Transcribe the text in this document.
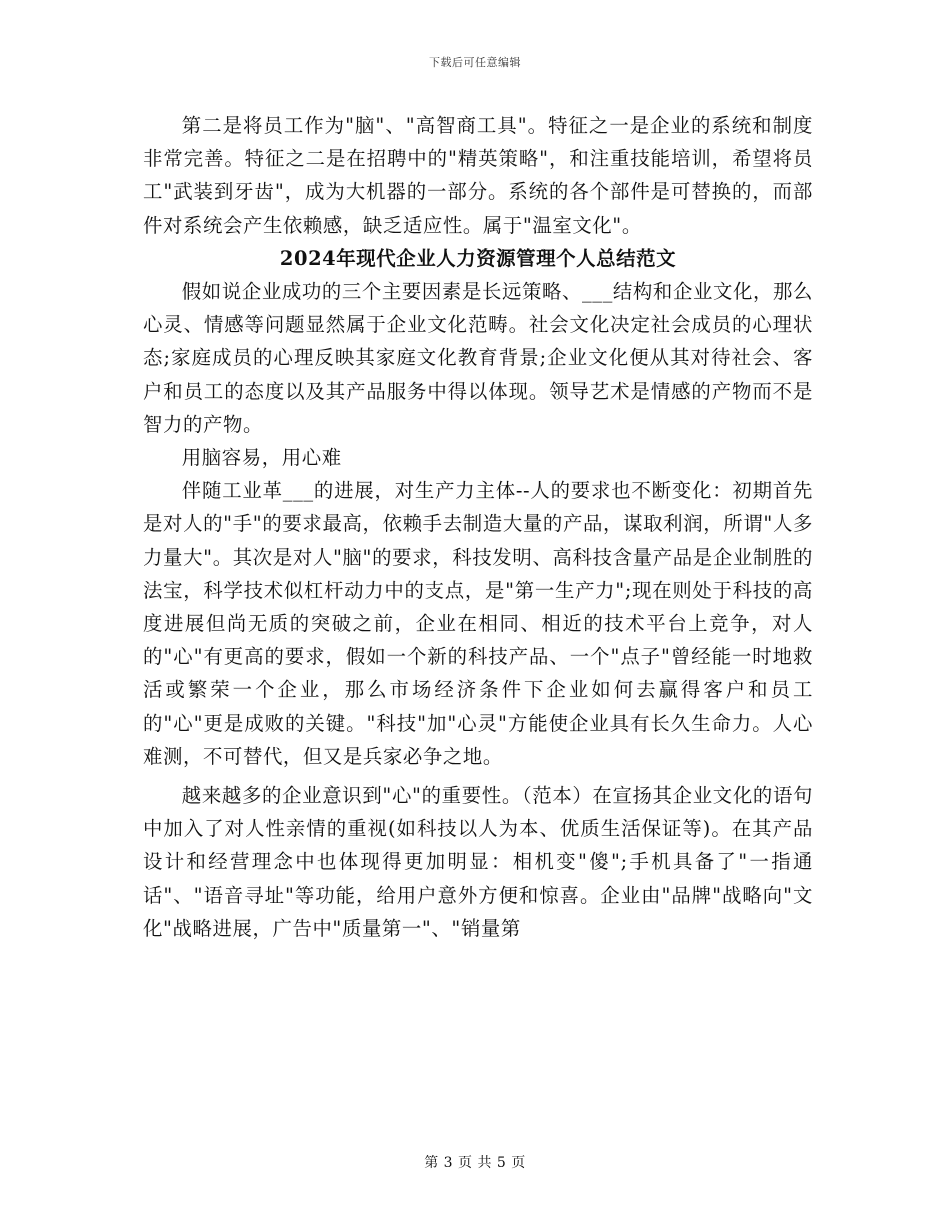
下载后可任意编辑

第二是将员工作为"脑"、"高智商工具"。特征之一是企业的系统和制度非常完善。特征之二是在招聘中的"精英策略"，和注重技能培训，希望将员工"武装到牙齿"，成为大机器的一部分。系统的各个部件是可替换的，而部件对系统会产生依赖感，缺乏适应性。属于"温室文化"。

2024年现代企业人力资源管理个人总结范文

假如说企业成功的三个主要因素是长远策略、___结构和企业文化，那么心灵、情感等问题显然属于企业文化范畴。社会文化决定社会成员的心理状态;家庭成员的心理反映其家庭文化教育背景;企业文化便从其对待社会、客户和员工的态度以及其产品服务中得以体现。领导艺术是情感的产物而不是智力的产物。

用脑容易，用心难

伴随工业革___的进展，对生产力主体--人的要求也不断变化：初期首先是对人的"手"的要求最高，依赖手去制造大量的产品，谋取利润，所谓"人多力量大"。其次是对人"脑"的要求，科技发明、高科技含量产品是企业制胜的法宝，科学技术似杠杆动力中的支点，是"第一生产力";现在则处于科技的高度进展但尚无质的突破之前，企业在相同、相近的技术平台上竞争，对人的"心"有更高的要求，假如一个新的科技产品、一个"点子"曾经能一时地救活或繁荣一个企业，那么市场经济条件下企业如何去赢得客户和员工的"心"更是成败的关键。"科技"加"心灵"方能使企业具有长久生命力。人心难测，不可替代，但又是兵家必争之地。

越来越多的企业意识到"心"的重要性。（范本）在宣扬其企业文化的语句中加入了对人性亲情的重视(如科技以人为本、优质生活保证等)。在其产品设计和经营理念中也体现得更加明显：相机变"傻";手机具备了"一指通话"、"语音寻址"等功能，给用户意外方便和惊喜。企业由"品牌"战略向"文化"战略进展，广告中"质量第一"、"销量第

第 3 页 共 5 页
